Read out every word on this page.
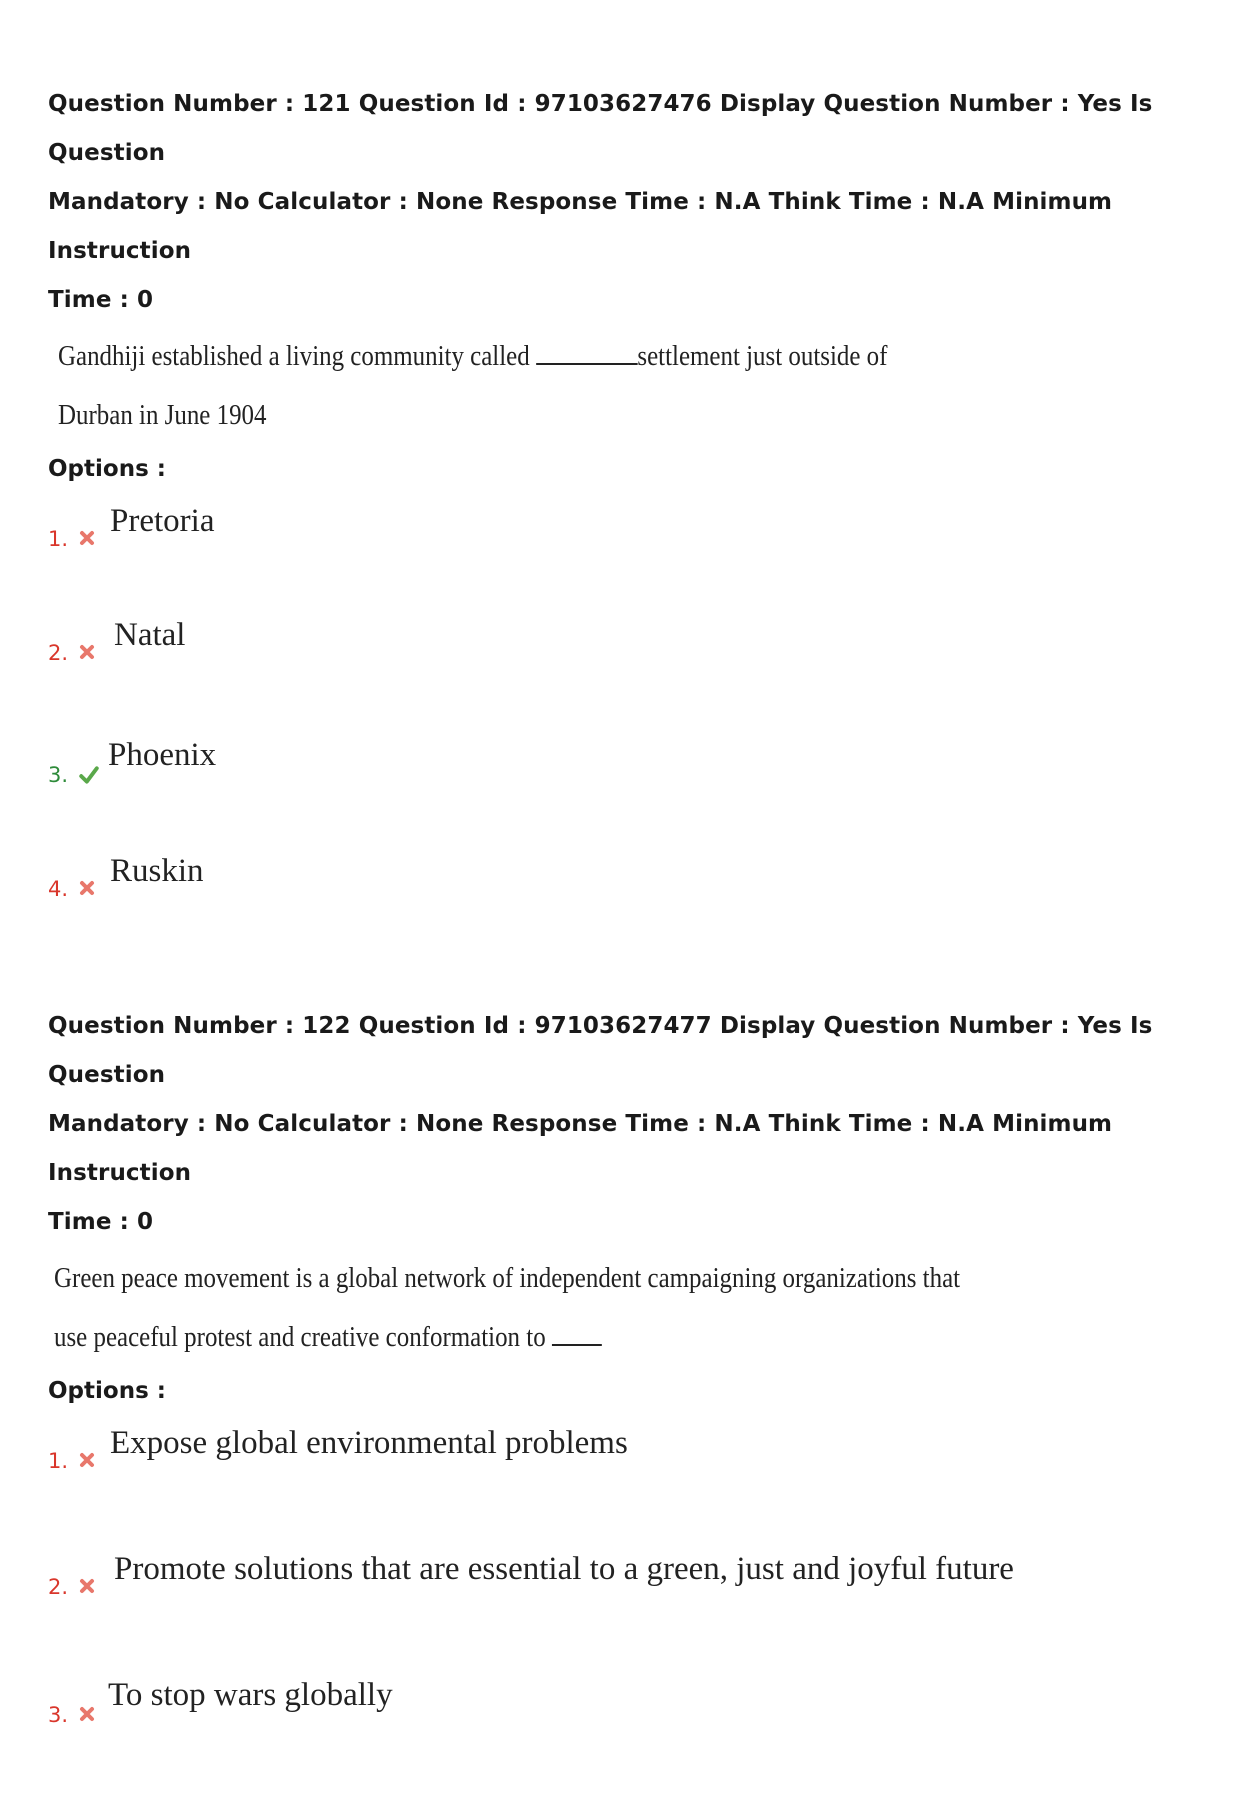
Question Number : 121 Question Id : 97103627476 Display Question Number : Yes Is Question
Mandatory : No Calculator : None Response Time : N.A Think Time : N.A Minimum Instruction
Time : 0
Gandhiji established a living community called	settlement just outside of
Durban in June 1904
Options :
1. Pretoria
2. Natal
3.
Phoenix
4. Ruskin
Question Number : 122 Question Id : 97103627477 Display Question Number : Yes Is Question
Mandatory : No Calculator : None Response Time : N.A Think Time : N.A Minimum Instruction
Time : 0
Green peace movement is a global network of independent campaigning organizations that
use peaceful protest and creative conformation to
Options :
1. Expose global environmental problems
2. Promote solutions that are essential to a green, just and joyful future
3.
To stop wars globally
